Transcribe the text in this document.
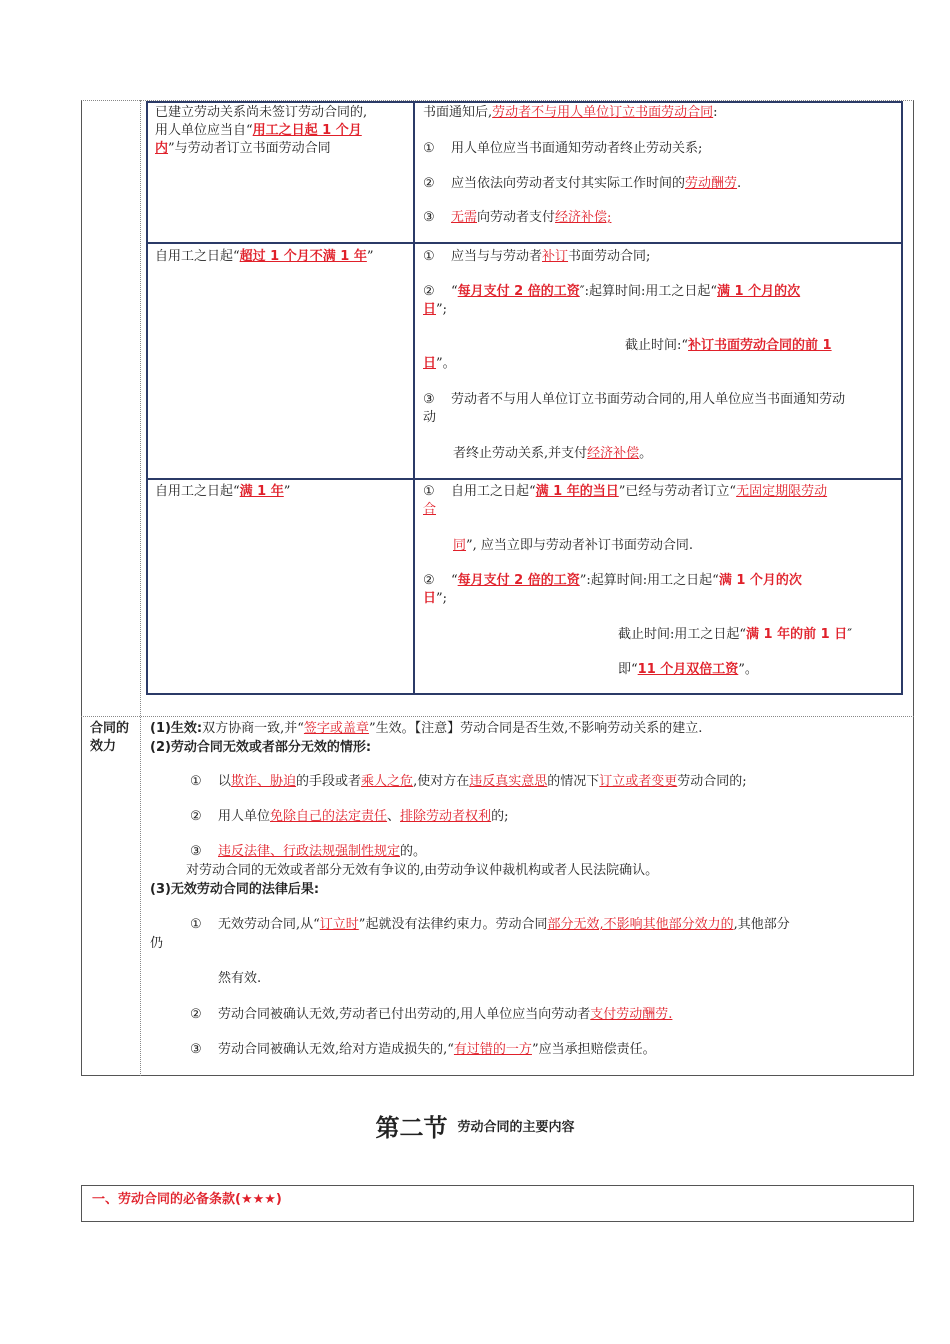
已建立劳动关系尚未签订劳动合同的,
用人单位应当自“用工之日起 1 个月
内”与劳动者订立书面劳动合同
书面通知后,劳动者不与用人单位订立书面劳动合同:
① 用人单位应当书面通知劳动者终止劳动关系;
② 应当依法向劳动者支付其实际工作时间的劳动酬劳.
③ 无需向劳动者支付经济补偿;
自用工之日起“超过 1 个月不满 1 年”	① 应当与与劳动者补订书面劳动合同;
② “每月支付 2 倍的工资″:起算时间:用工之日起“满 1 个月的次
日”;
截止时间:“补订书面劳动合同的前 1
日”。
③ 劳动者不与用人单位订立书面劳动合同的,用人单位应当书面通知劳动
动
者终止劳动关系,并支付经济补偿。
自用工之日起“满 1 年”	① 自用工之日起“满 1 年的当日”已经与劳动者订立“无固定期限劳动
合
同”, 应当立即与劳动者补订书面劳动合同.
② “每月支付 2 倍的工资”:起算时间:用工之日起“满 1 个月的次
日”;
截止时间:用工之日起“满 1 年的前 1 日″
即“11 个月双倍工资”。
合同的效力
(1)生效:双方协商一致,并“签字或盖章”生效。【注意】劳动合同是否生效,不影响劳动关系的建立.
(2)劳动合同无效或者部分无效的情形:
① 以欺诈、胁迫的手段或者乘人之危,使对方在违反真实意思的情况下订立或者变更劳动合同的;
② 用人单位免除自己的法定责任、排除劳动者权利的;
③ 违反法律、行政法规强制性规定的。
对劳动合同的无效或者部分无效有争议的,由劳动争议仲裁机构或者人民法院确认。
(3)无效劳动合同的法律后果:
① 无效劳动合同,从“订立时”起就没有法律约束力。劳动合同部分无效,不影响其他部分效力的,其他部分
仍
然有效.
② 劳动合同被确认无效,劳动者已付出劳动的,用人单位应当向劳动者支付劳动酬劳.
③ 劳动合同被确认无效,给对方造成损失的,“有过错的一方”应当承担赔偿责任。
第二节 劳动合同的主要内容
一、劳动合同的必备条款(★★★)
